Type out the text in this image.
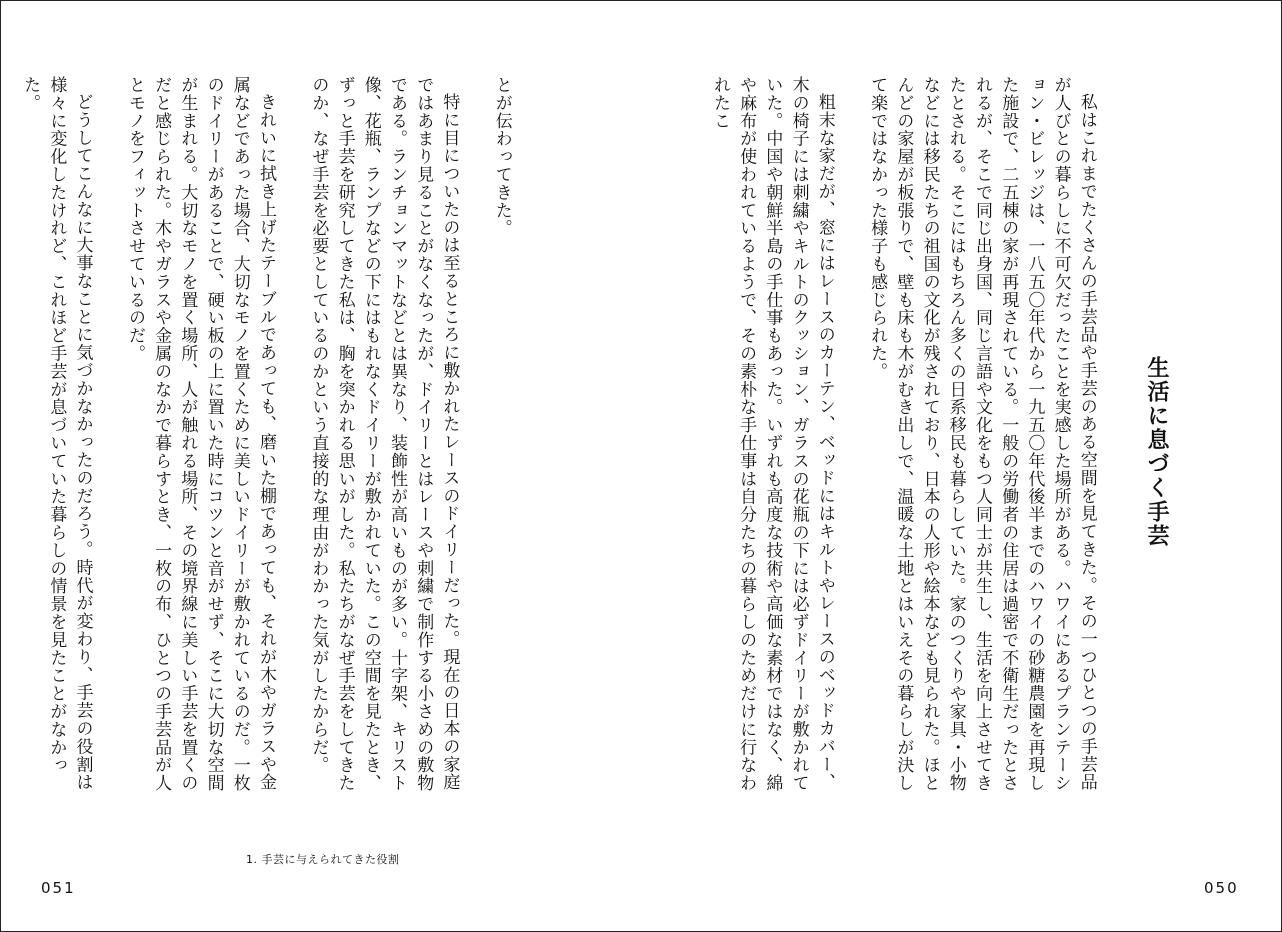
とが伝わってきた。

特に目についたのは至るところに敷かれたレースのドイリーだった。現在の日本の家庭ではあまり見ることがなくなったが、ドイリーとはレースや刺繍で制作する小さめの敷物である。ランチョンマットなどとは異なり、装飾性が高いものが多い。十字架、キリスト像、花瓶、ランプなどの下にはもれなくドイリーが敷かれていた。この空間を見たとき、ずっと手芸を研究してきた私は、胸を突かれる思いがした。私たちがなぜ手芸をしてきたのか、なぜ手芸を必要としているのかという直接的な理由がわかった気がしたからだ。

きれいに拭き上げたテーブルであっても、磨いた棚であっても、それが木やガラスや金属などであった場合、大切なモノを置くために美しいドイリーが敷かれているのだ。一枚のドイリーがあることで、硬い板の上に置いた時にコツンと音がせず、そこに大切な空間が生まれる。大切なモノを置く場所、人が触れる場所、その境界線に美しい手芸を置くのだと感じられた。木やガラスや金属のなかで暮らすとき、一枚の布、ひとつの手芸品が人とモノをフィットさせているのだ。

どうしてこんなに大事なことに気づかなかったのだろう。時代が変わり、手芸の役割は様々に変化したけれど、これほど手芸が息づいていた暮らしの情景を見たことがなかった。

1. 手芸に与えられてきた役割
051
生活に息づく手芸

私はこれまでたくさんの手芸品や手芸のある空間を見てきた。その一つひとつの手芸品が人びとの暮らしに不可欠だったことを実感した場所がある。ハワイにあるプランテーション・ビレッジは、一八五〇年代から一九五〇年代後半までのハワイの砂糖農園を再現した施設で、二五棟の家が再現されている。一般の労働者の住居は過密で不衛生だったとされるが、そこで同じ出身国、同じ言語や文化をもつ人同士が共生し、生活を向上させてきたとされる。そこにはもちろん多くの日系移民も暮らしていた。家のつくりや家具・小物などには移民たちの祖国の文化が残されており、日本の人形や絵本なども見られた。ほとんどの家屋が板張りで、壁も床も木がむき出しで、温暖な土地とはいえその暮らしが決して楽ではなかった様子も感じられた。

粗末な家だが、窓にはレースのカーテン、ベッドにはキルトやレースのベッドカバー、木の椅子には刺繍やキルトのクッション、ガラスの花瓶の下には必ずドイリーが敷かれていた。中国や朝鮮半島の手仕事もあった。いずれも高度な技術や高価な素材ではなく、綿や麻布が使われているようで、その素朴な手仕事は自分たちの暮らしのためだけに行なわれたこ

050
